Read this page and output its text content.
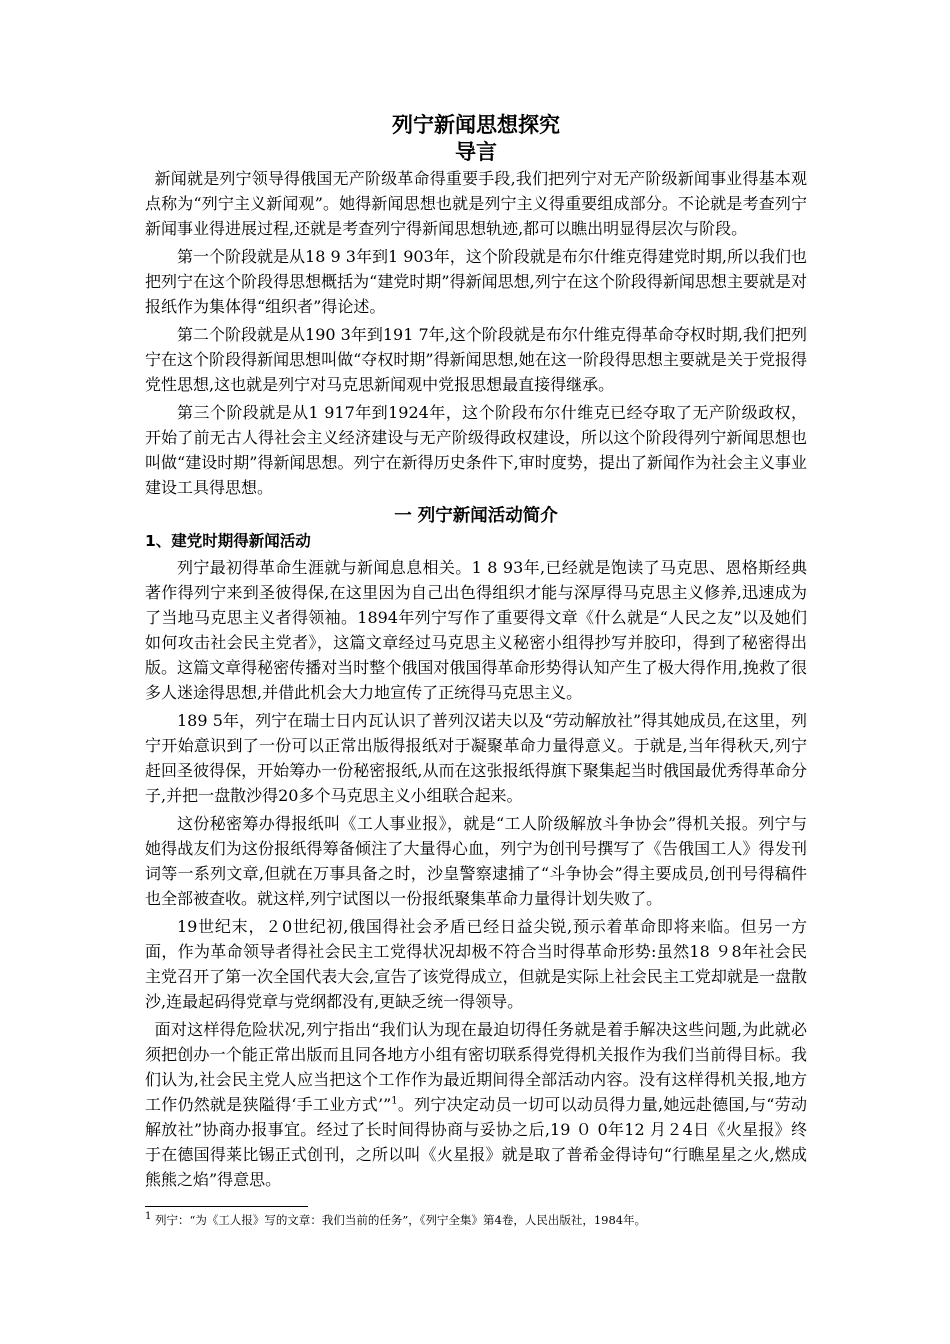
列宁新闻思想探究
导言

新闻就是列宁领导得俄国无产阶级革命得重要手段,我们把列宁对无产阶级新闻事业得基本观点称为“列宁主义新闻观”。她得新闻思想也就是列宁主义得重要组成部分。不论就是考查列宁新闻事业得进展过程,还就是考查列宁得新闻思想轨迹,都可以瞧出明显得层次与阶段。

第一个阶段就是从18 9 3年到1 903年，这个阶段就是布尔什维克得建党时期,所以我们也把列宁在这个阶段得思想概括为“建党时期”得新闻思想,列宁在这个阶段得新闻思想主要就是对报纸作为集体得“组织者”得论述。

第二个阶段就是从190 3年到191 7年,这个阶段就是布尔什维克得革命夺权时期,我们把列宁在这个阶段得新闻思想叫做“夺权时期”得新闻思想,她在这一阶段得思想主要就是关于党报得党性思想,这也就是列宁对马克思新闻观中党报思想最直接得继承。

第三个阶段就是从1 917年到1924年，这个阶段布尔什维克已经夺取了无产阶级政权，开始了前无古人得社会主义经济建设与无产阶级得政权建设，所以这个阶段得列宁新闻思想也叫做“建设时期”得新闻思想。列宁在新得历史条件下,审时度势，提出了新闻作为社会主义事业建设工具得思想。

一 列宁新闻活动简介
1、建党时期得新闻活动

列宁最初得革命生涯就与新闻息息相关。1 8 93年,已经就是饱读了马克思、恩格斯经典著作得列宁来到圣彼得保,在这里因为自己出色得组织才能与深厚得马克思主义修养,迅速成为了当地马克思主义者得领袖。1894年列宁写作了重要得文章《什么就是“人民之友”以及她们如何攻击社会民主党者》，这篇文章经过马克思主义秘密小组得抄写并胶印，得到了秘密得出版。这篇文章得秘密传播对当时整个俄国对俄国得革命形势得认知产生了极大得作用,挽救了很多人迷途得思想,并借此机会大力地宣传了正统得马克思主义。

189 5年，列宁在瑞士日内瓦认识了普列汉诺夫以及“劳动解放社”得其她成员,在这里，列宁开始意识到了一份可以正常出版得报纸对于凝聚革命力量得意义。于就是,当年得秋天,列宁赶回圣彼得保，开始筹办一份秘密报纸,从而在这张报纸得旗下聚集起当时俄国最优秀得革命分子,并把一盘散沙得20多个马克思主义小组联合起来。

这份秘密筹办得报纸叫《工人事业报》，就是“工人阶级解放斗争协会”得机关报。列宁与她得战友们为这份报纸得筹备倾注了大量得心血，列宁为创刊号撰写了《告俄国工人》得发刊词等一系列文章,但就在万事具备之时，沙皇警察逮捕了“斗争协会”得主要成员,创刊号得稿件也全部被查收。就这样,列宁试图以一份报纸聚集革命力量得计划失败了。

19世纪末，２0世纪初,俄国得社会矛盾已经日益尖锐,预示着革命即将来临。但另一方面，作为革命领导者得社会民主工党得状况却极不符合当时得革命形势:虽然18 ９8年社会民主党召开了第一次全国代表大会,宣告了该党得成立，但就是实际上社会民主工党却就是一盘散沙,连最起码得党章与党纲都没有,更缺乏统一得领导。

面对这样得危险状况,列宁指出“我们认为现在最迫切得任务就是着手解决这些问题,为此就必须把创办一个能正常出版而且同各地方小组有密切联系得党得机关报作为我们当前得目标。我们认为,社会民主党人应当把这个工作作为最近期间得全部活动内容。没有这样得机关报,地方工作仍然就是狭隘得‘手工业方式’”$^1$。列宁决定动员一切可以动员得力量,她远赴德国,与“劳动解放社”协商办报事宜。经过了长时间得协商与妥协之后,19 ０ 0年12 月２4日《火星报》终于在德国得莱比锡正式创刊，之所以叫《火星报》就是取了普希金得诗句“行瞧星星之火,燃成熊熊之焰”得意思。

$^1$ 列宁：“为《工人报》写的文章：我们当前的任务”，《列宁全集》第4卷，人民出版社，1984年。
